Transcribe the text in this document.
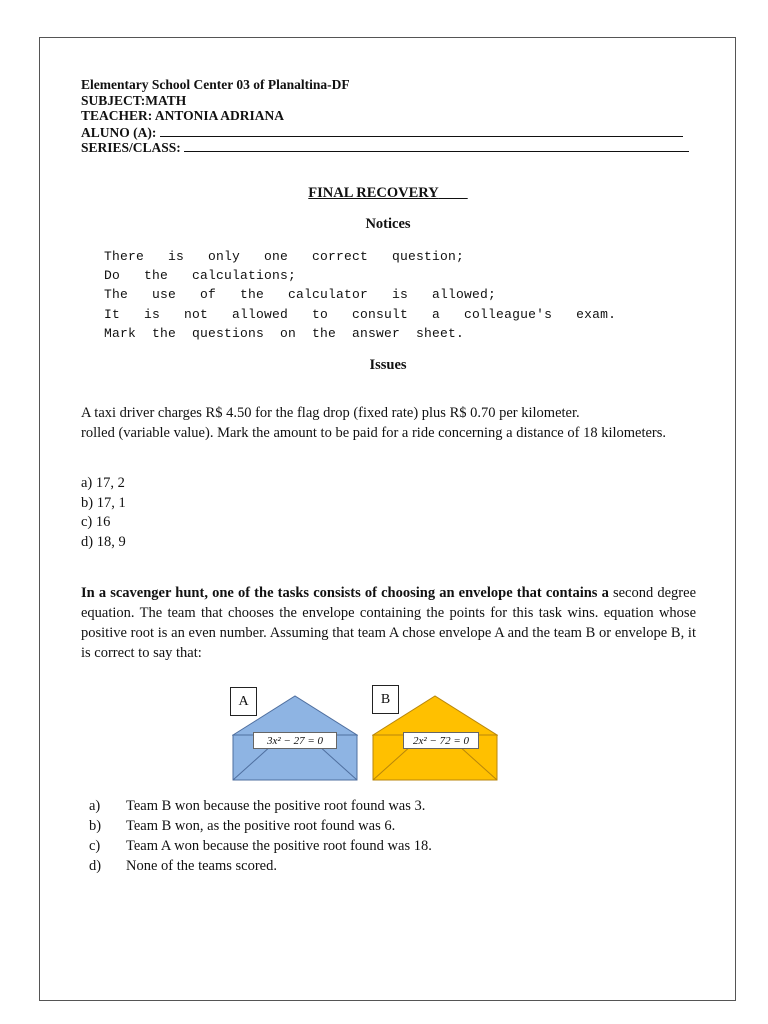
Elementary School Center 03 of Planaltina-DF
SUBJECT:MATH
TEACHER: ANTONIA ADRIANA
ALUNO (A):
SERIES/CLASS:
FINAL RECOVERY
Notices
There   is   only   one   correct   question;
Do   the   calculations;
The   use   of   the   calculator   is   allowed;
It   is   not   allowed   to   consult   a   colleague's   exam.
Mark  the  questions  on  the  answer  sheet.
Issues
A taxi driver charges R$ 4.50 for the flag drop (fixed rate) plus R$ 0.70 per kilometer.
rolled (variable value). Mark the amount to be paid for a ride concerning a distance of 18 kilometers.
a) 17, 2
b) 17, 1
c) 16
d) 18, 9
In a scavenger hunt, one of the tasks consists of choosing an envelope that contains a second degree equation. The team that chooses the envelope containing the points for this task wins. equation whose positive root is an even number. Assuming that team A chose envelope A and the team B or envelope B, it is correct to say that:
A
3x² − 27 = 0
B
2x² − 72 = 0
a) Team B won because the positive root found was 3.
b) Team B won, as the positive root found was 6.
c) Team A won because the positive root found was 18.
d) None of the teams scored.
